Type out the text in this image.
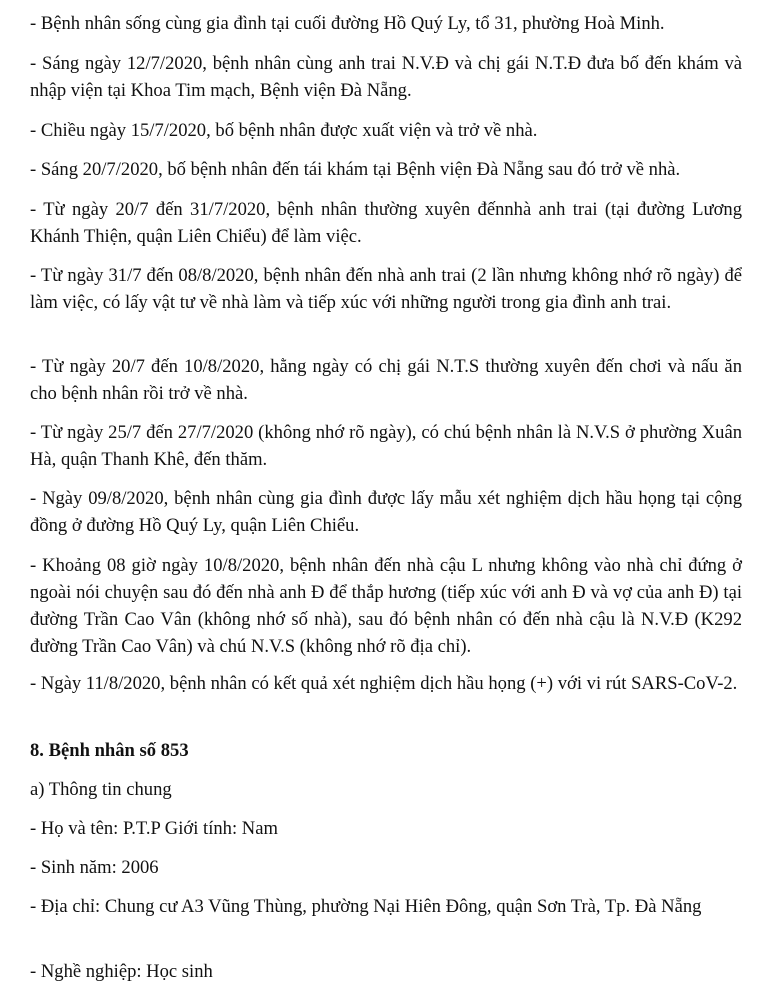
- Bệnh nhân sống cùng gia đình tại cuối đường Hồ Quý Ly, tổ 31, phường Hoà Minh.

- Sáng ngày 12/7/2020, bệnh nhân cùng anh trai N.V.Đ và chị gái N.T.Đ đưa bố đến khám và nhập viện tại Khoa Tim mạch, Bệnh viện Đà Nẵng.

- Chiều ngày 15/7/2020, bố bệnh nhân được xuất viện và trở về nhà.

- Sáng 20/7/2020, bố bệnh nhân đến tái khám tại Bệnh viện Đà Nẵng sau đó trở về nhà.

- Từ ngày 20/7 đến 31/7/2020, bệnh nhân thường xuyên đếnnhà anh trai (tại đường Lương Khánh Thiện, quận Liên Chiểu) để làm việc.

- Từ ngày 31/7 đến 08/8/2020, bệnh nhân đến nhà anh trai (2 lần nhưng không nhớ rõ ngày) để làm việc, có lấy vật tư về nhà làm và tiếp xúc với những người trong gia đình anh trai.

- Từ ngày 20/7 đến 10/8/2020, hằng ngày có chị gái N.T.S thường xuyên đến chơi và nấu ăn cho bệnh nhân rồi trở về nhà.

- Từ ngày 25/7 đến 27/7/2020 (không nhớ rõ ngày), có chú bệnh nhân là N.V.S ở phường Xuân Hà, quận Thanh Khê, đến thăm.

- Ngày 09/8/2020, bệnh nhân cùng gia đình được lấy mẫu xét nghiệm dịch hầu họng tại cộng đồng ở đường Hồ Quý Ly, quận Liên Chiểu.

- Khoảng 08 giờ ngày 10/8/2020, bệnh nhân đến nhà cậu L nhưng không vào nhà chỉ đứng ở ngoài nói chuyện sau đó đến nhà anh Đ để thắp hương (tiếp xúc với anh Đ và vợ của anh Đ) tại đường Trần Cao Vân (không nhớ số nhà), sau đó bệnh nhân có đến nhà cậu là N.V.Đ (K292 đường Trần Cao Vân) và chú N.V.S (không nhớ rõ địa chỉ).

- Ngày 11/8/2020, bệnh nhân có kết quả xét nghiệm dịch hầu họng (+) với vi rút SARS-CoV-2.

8. Bệnh nhân số 853

a) Thông tin chung

- Họ và tên: P.T.P Giới tính: Nam

- Sinh năm: 2006

- Địa chỉ: Chung cư A3 Vũng Thùng, phường Nại Hiên Đông, quận Sơn Trà, Tp. Đà Nẵng

- Nghề nghiệp: Học sinh
